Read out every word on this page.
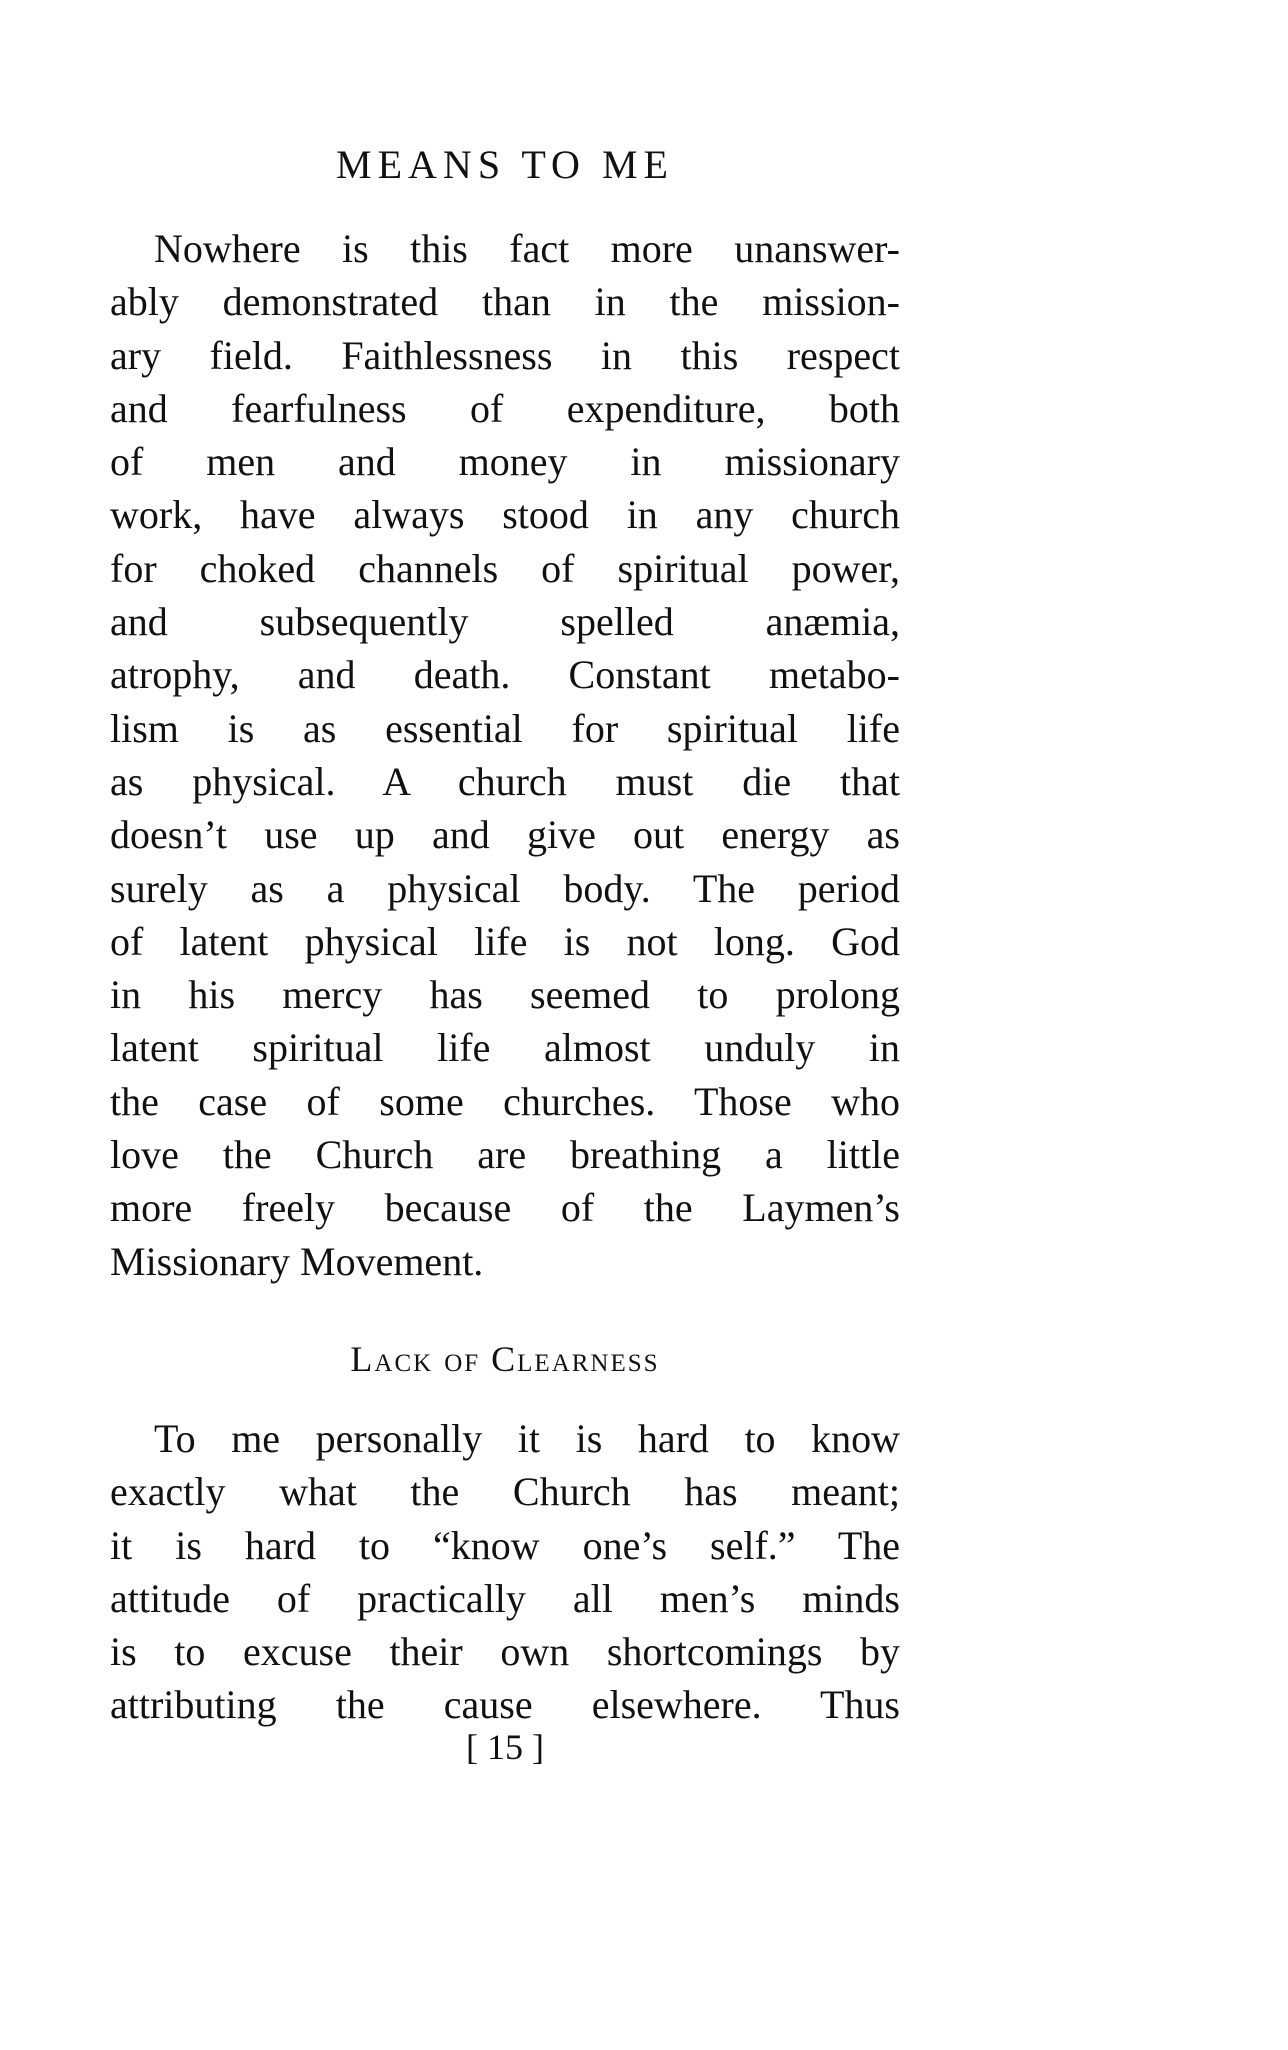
MEANS TO ME
Nowhere is this fact more unanswer-
ably demonstrated than in the mission-
ary field. Faithlessness in this respect
and fearfulness of expenditure, both
of men and money in missionary
work, have always stood in any church
for choked channels of spiritual power,
and subsequently spelled anæmia,
atrophy, and death. Constant metabo-
lism is as essential for spiritual life
as physical. A church must die that
doesn’t use up and give out energy as
surely as a physical body. The period
of latent physical life is not long. God
in his mercy has seemed to prolong
latent spiritual life almost unduly in
the case of some churches. Those who
love the Church are breathing a little
more freely because of the Laymen’s
Missionary Movement.
Lack of Clearness
To me personally it is hard to know
exactly what the Church has meant;
it is hard to “know one’s self.” The
attitude of practically all men’s minds
is to excuse their own shortcomings by
attributing the cause elsewhere. Thus
[ 15 ]
